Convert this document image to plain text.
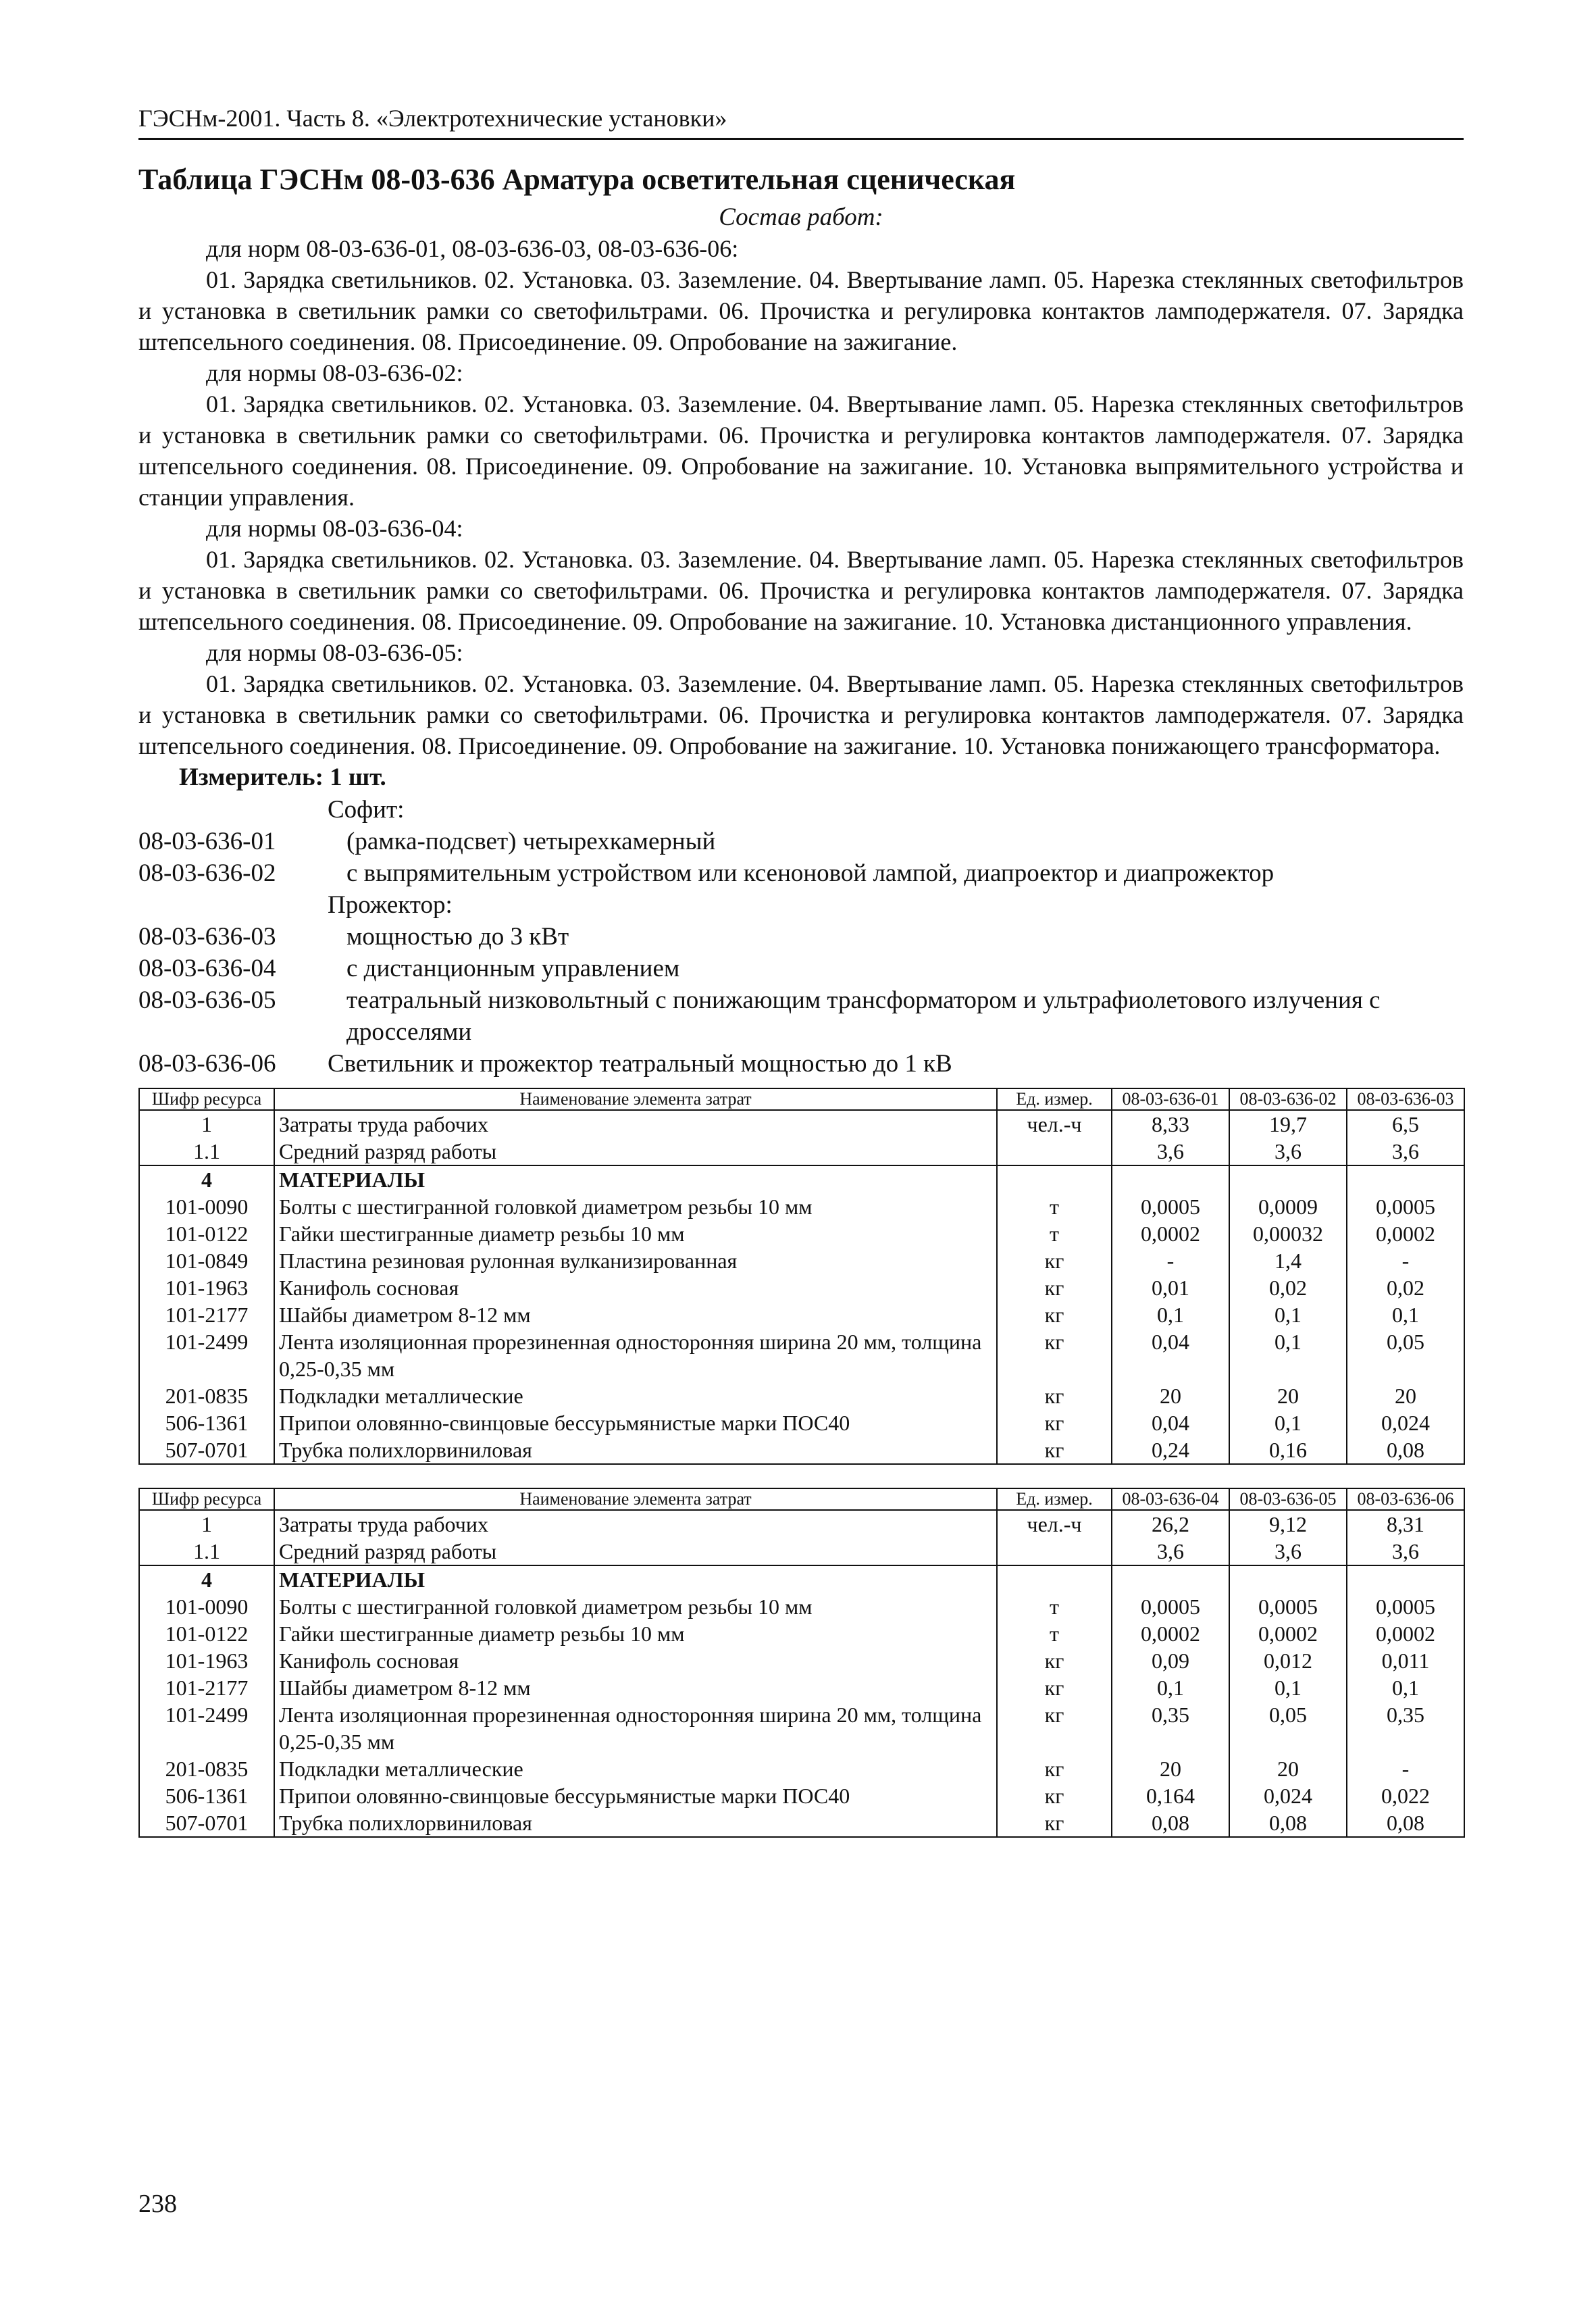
ГЭСНм-2001. Часть 8. «Электротехнические установки»
Таблица ГЭСНм 08-03-636 Арматура осветительная сценическая

Состав работ:

для норм 08-03-636-01, 08-03-636-03, 08-03-636-06:

01. Зарядка светильников. 02. Установка. 03. Заземление. 04. Ввертывание ламп. 05. Нарезка стеклянных светофильтров и установка в светильник рамки со светофильтрами. 06. Прочистка и регулировка контактов ламподержателя. 07. Зарядка штепсельного соединения. 08. Присоединение. 09. Опробование на зажигание.

для нормы 08-03-636-02:

01. Зарядка светильников. 02. Установка. 03. Заземление. 04. Ввертывание ламп. 05. Нарезка стеклянных светофильтров и установка в светильник рамки со светофильтрами. 06. Прочистка и регулировка контактов ламподержателя. 07. Зарядка штепсельного соединения. 08. Присоединение. 09. Опробование на зажигание. 10. Установка выпрямительного устройства и станции управления.

для нормы 08-03-636-04:

01. Зарядка светильников. 02. Установка. 03. Заземление. 04. Ввертывание ламп. 05. Нарезка стеклянных светофильтров и установка в светильник рамки со светофильтрами. 06. Прочистка и регулировка контактов ламподержателя. 07. Зарядка штепсельного соединения. 08. Присоединение. 09. Опробование на зажигание. 10. Установка дистанционного управления.

для нормы 08-03-636-05:

01. Зарядка светильников. 02. Установка. 03. Заземление. 04. Ввертывание ламп. 05. Нарезка стеклянных светофильтров и установка в светильник рамки со светофильтрами. 06. Прочистка и регулировка контактов ламподержателя. 07. Зарядка штепсельного соединения. 08. Присоединение. 09. Опробование на зажигание. 10. Установка понижающего трансформатора.

Измеритель: 1 шт.
Софит:
08-03-636-01	(рамка-подсвет) четырехкамерный
08-03-636-02	с выпрямительным устройством или ксеноновой лампой, диапроектор и диапрожектор
Прожектор:
08-03-636-03	мощностью до 3 кВт
08-03-636-04	с дистанционным управлением
08-03-636-05	театральный низковольтный с понижающим трансформатором и ультрафиолетового излучения с дросселями
08-03-636-06	Светильник и прожектор театральный мощностью до 1 кВ
Шифр ресурса	Наименование элемента затрат	Ед. измер.	08-03-636-01	08-03-636-02	08-03-636-03
1	Затраты труда рабочих	чел.-ч	8,33	19,7	6,5
1.1	Средний разряд работы		3,6	3,6	3,6
4	МАТЕРИАЛЫ				
101-0090	Болты с шестигранной головкой диаметром резьбы 10 мм	т	0,0005	0,0009	0,0005
101-0122	Гайки шестигранные диаметр резьбы 10 мм	т	0,0002	0,00032	0,0002
101-0849	Пластина резиновая рулонная вулканизированная	кг	-	1,4	-
101-1963	Канифоль сосновая	кг	0,01	0,02	0,02
101-2177	Шайбы диаметром 8-12 мм	кг	0,1	0,1	0,1
101-2499	Лента изоляционная прорезиненная односторонняя ширина 20 мм, толщина 0,25-0,35 мм	кг	0,04	0,1	0,05
201-0835	Подкладки металлические	кг	20	20	20
506-1361	Припои оловянно-свинцовые бессурьмянистые марки ПОС40	кг	0,04	0,1	0,024
507-0701	Трубка полихлорвиниловая	кг	0,24	0,16	0,08
Шифр ресурса	Наименование элемента затрат	Ед. измер.	08-03-636-04	08-03-636-05	08-03-636-06
1	Затраты труда рабочих	чел.-ч	26,2	9,12	8,31
1.1	Средний разряд работы		3,6	3,6	3,6
4	МАТЕРИАЛЫ				
101-0090	Болты с шестигранной головкой диаметром резьбы 10 мм	т	0,0005	0,0005	0,0005
101-0122	Гайки шестигранные диаметр резьбы 10 мм	т	0,0002	0,0002	0,0002
101-1963	Канифоль сосновая	кг	0,09	0,012	0,011
101-2177	Шайбы диаметром 8-12 мм	кг	0,1	0,1	0,1
101-2499	Лента изоляционная прорезиненная односторонняя ширина 20 мм, толщина 0,25-0,35 мм	кг	0,35	0,05	0,35
201-0835	Подкладки металлические	кг	20	20	-
506-1361	Припои оловянно-свинцовые бессурьмянистые марки ПОС40	кг	0,164	0,024	0,022
507-0701	Трубка полихлорвиниловая	кг	0,08	0,08	0,08
238
